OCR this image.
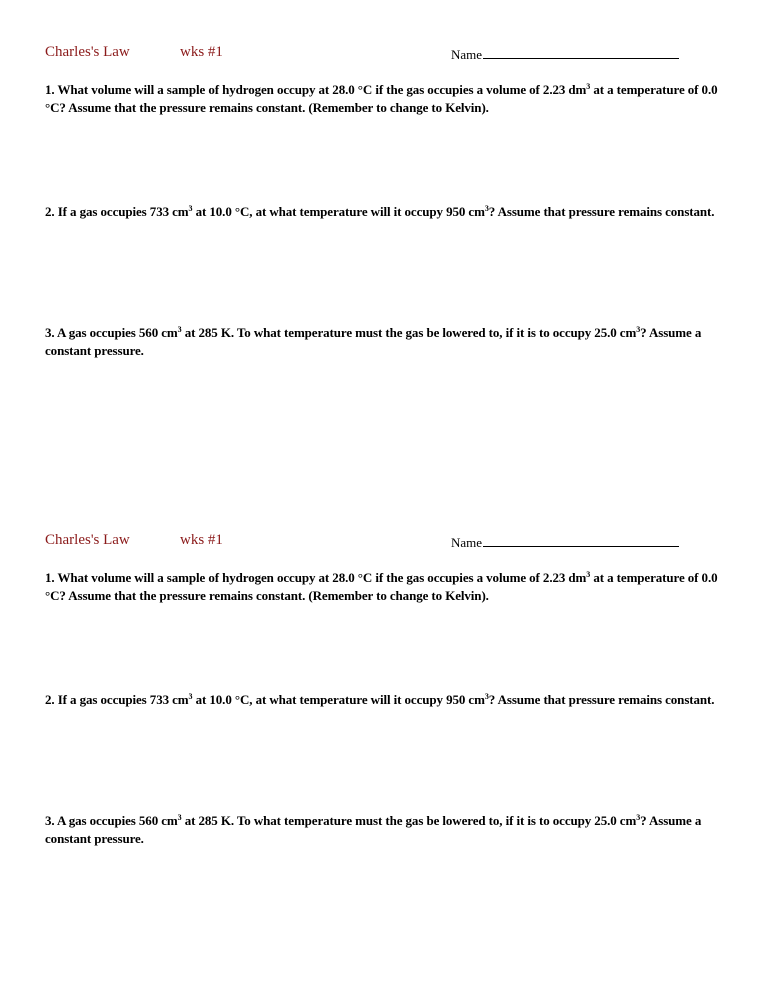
Charles's Law	wks #1	Name
1. What volume will a sample of hydrogen occupy at 28.0 °C if the gas occupies a volume of 2.23 $dm^3$ at a temperature of 0.0 °C? Assume that the pressure remains constant. (Remember to change to Kelvin).
2. If a gas occupies 733 $cm^3$ at 10.0 °C, at what temperature will it occupy 950 $cm^3$? Assume that pressure remains constant.
3. A gas occupies 560 $cm^3$ at 285 K. To what temperature must the gas be lowered to, if it is to occupy 25.0 $cm^3$? Assume a constant pressure.
Charles's Law	wks #1	Name
1. What volume will a sample of hydrogen occupy at 28.0 °C if the gas occupies a volume of 2.23 $dm^3$ at a temperature of 0.0 °C? Assume that the pressure remains constant. (Remember to change to Kelvin).
2. If a gas occupies 733 $cm^3$ at 10.0 °C, at what temperature will it occupy 950 $cm^3$? Assume that pressure remains constant.
3. A gas occupies 560 $cm^3$ at 285 K. To what temperature must the gas be lowered to, if it is to occupy 25.0 $cm^3$? Assume a constant pressure.
